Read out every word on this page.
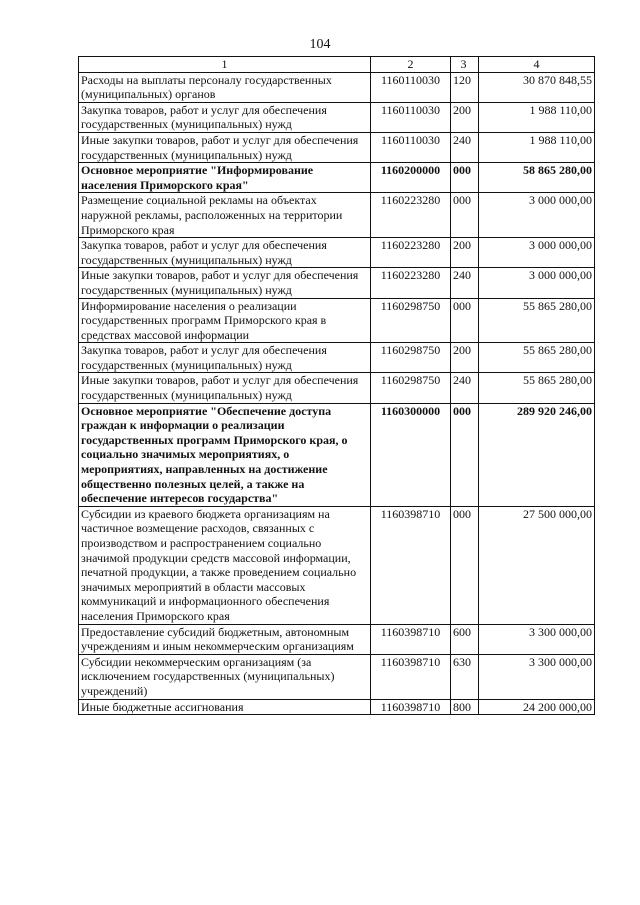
104
1	2	3	4
Расходы на выплаты персоналу государственных (муниципальных) органов	1160110030	120	30 870 848,55
Закупка товаров, работ и услуг для обеспечения государственных (муниципальных) нужд	1160110030	200	1 988 110,00
Иные закупки товаров, работ и услуг для обеспечения государственных (муниципальных) нужд	1160110030	240	1 988 110,00
Основное мероприятие "Информирование населения Приморского края"	1160200000	000	58 865 280,00
Размещение социальной рекламы на объектах наружной рекламы, расположенных на территории Приморского края	1160223280	000	3 000 000,00
Закупка товаров, работ и услуг для обеспечения государственных (муниципальных) нужд	1160223280	200	3 000 000,00
Иные закупки товаров, работ и услуг для обеспечения государственных (муниципальных) нужд	1160223280	240	3 000 000,00
Информирование населения о реализации государственных программ Приморского края в средствах массовой информации	1160298750	000	55 865 280,00
Закупка товаров, работ и услуг для обеспечения государственных (муниципальных) нужд	1160298750	200	55 865 280,00
Иные закупки товаров, работ и услуг для обеспечения государственных (муниципальных) нужд	1160298750	240	55 865 280,00
Основное мероприятие "Обеспечение доступа граждан к информации о реализации государственных программ Приморского края, о социально значимых мероприятиях, о мероприятиях, направленных на достижение общественно полезных целей, а также на обеспечение интересов государства"	1160300000	000	289 920 246,00
Субсидии из краевого бюджета организациям на частичное возмещение расходов, связанных с производством и распространением социально значимой продукции средств массовой информации, печатной продукции, а также проведением социально значимых мероприятий в области массовых коммуникаций и информационного обеспечения населения Приморского края	1160398710	000	27 500 000,00
Предоставление субсидий бюджетным, автономным учреждениям и иным некоммерческим организациям	1160398710	600	3 300 000,00
Субсидии некоммерческим организациям (за исключением государственных (муниципальных) учреждений)	1160398710	630	3 300 000,00
Иные бюджетные ассигнования	1160398710	800	24 200 000,00
